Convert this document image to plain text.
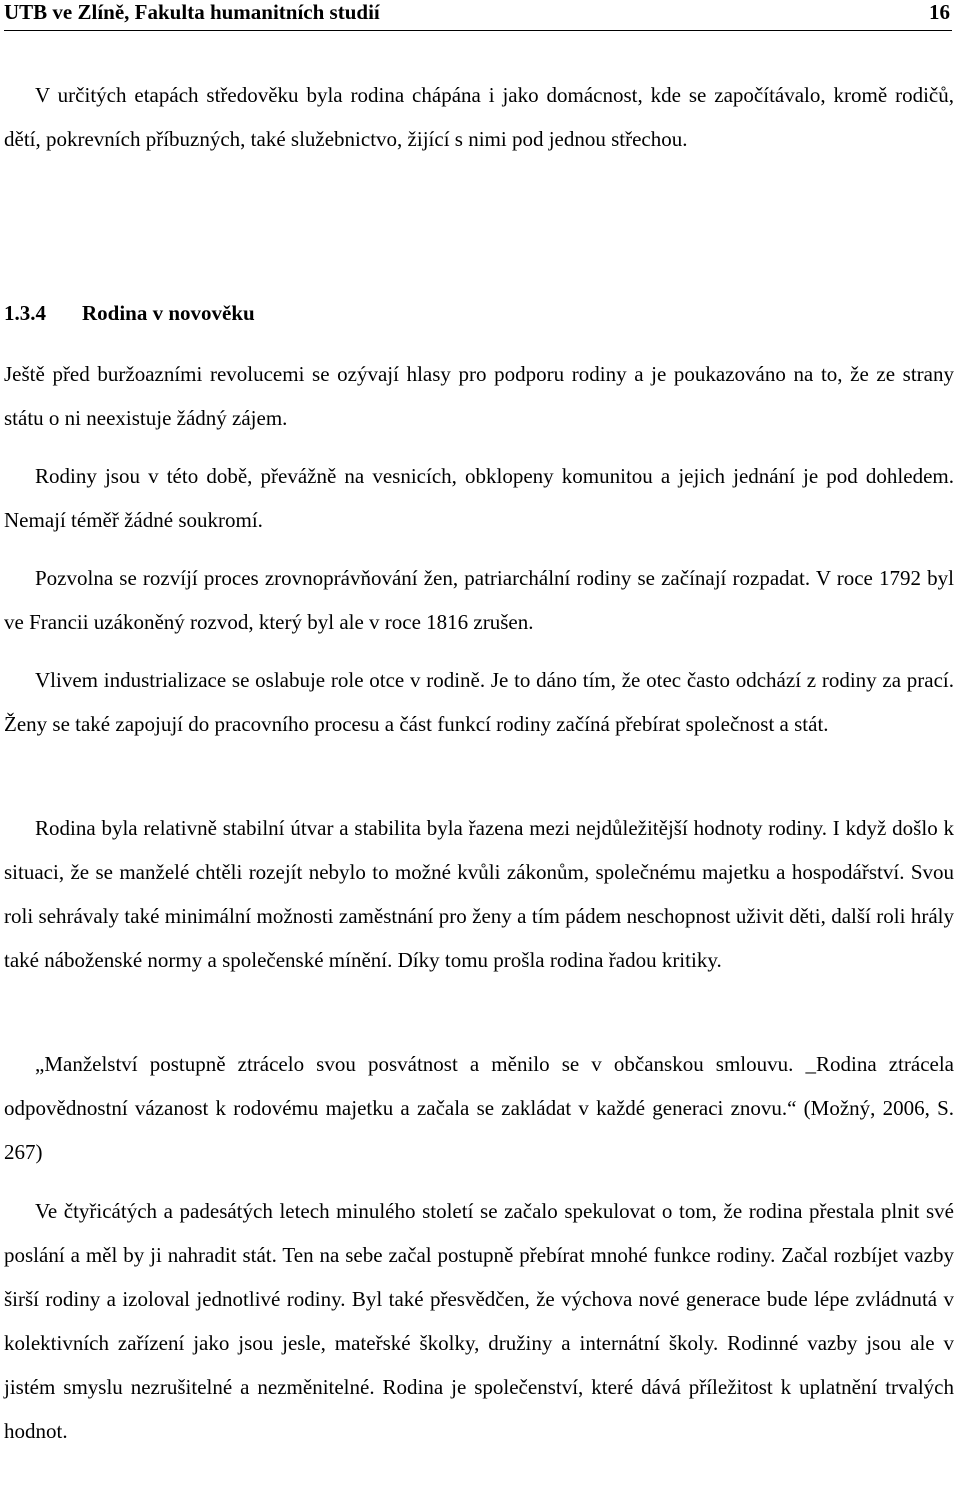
UTB ve Zlíně, Fakulta humanitních studií	16

V určitých etapách středověku byla rodina chápána i jako domácnost, kde se započítávalo, kromě rodičů, dětí, pokrevních příbuzných, také služebnictvo, žijící s nimi pod jednou střechou.

1.3.4 Rodina v novověku

Ještě před buržoazními revolucemi se ozývají hlasy pro podporu rodiny a je poukazováno na to, že ze strany státu o ni neexistuje žádný zájem.

Rodiny jsou v této době, převážně na vesnicích, obklopeny komunitou a jejich jednání je pod dohledem. Nemají téměř žádné soukromí.

Pozvolna se rozvíjí proces zrovnoprávňování žen, patriarchální rodiny se začínají rozpadat. V roce 1792 byl ve Francii uzákoněný rozvod, který byl ale v roce 1816 zrušen.

Vlivem industrializace se oslabuje role otce v rodině. Je to dáno tím, že otec často odchází z rodiny za prací. Ženy se také zapojují do pracovního procesu a část funkcí rodiny začíná přebírat společnost a stát.

Rodina byla relativně stabilní útvar a stabilita byla řazena mezi nejdůležitější hodnoty rodiny. I když došlo k situaci, že se manželé chtěli rozejít nebylo to možné kvůli zákonům, společnému majetku a hospodářství. Svou roli sehrávaly také minimální možnosti zaměstnání pro ženy a tím pádem neschopnost uživit děti, další roli hrály také náboženské normy a společenské mínění. Díky tomu prošla rodina řadou kritiky.

„Manželství postupně ztrácelo svou posvátnost a měnilo se v občanskou smlouvu. _Rodina ztrácela odpovědnostní vázanost k rodovému majetku a začala se zakládat v každé generaci znovu.“ (Možný, 2006, S. 267)

Ve čtyřicátých a padesátých letech minulého století se začalo spekulovat o tom, že rodina přestala plnit své poslání a měl by ji nahradit stát. Ten na sebe začal postupně přebírat mnohé funkce rodiny. Začal rozbíjet vazby širší rodiny a izoloval jednotlivé rodiny. Byl také přesvědčen, že výchova nové generace bude lépe zvládnutá v kolektivních zařízení jako jsou jesle, mateřské školky, družiny a internátní školy. Rodinné vazby jsou ale v jistém smyslu nezrušitelné a nezměnitelné. Rodina je společenství, které dává příležitost k uplatnění trvalých hodnot.
